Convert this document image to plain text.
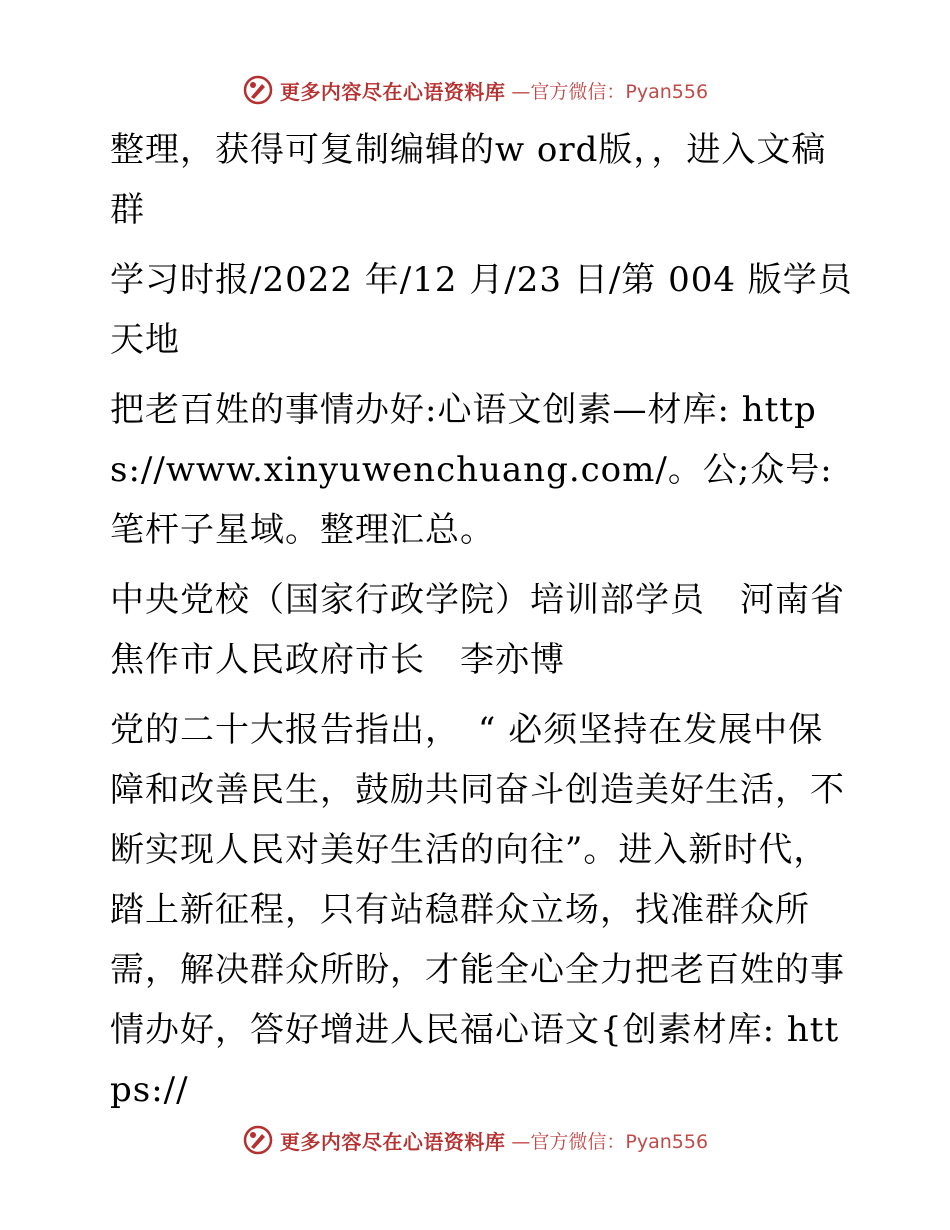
更多内容尽在心语资料库 —官方微信：Pyan556

整理，获得可复制编辑的w ord版，，进入文稿群

学习时报/2022 年/12 月/23 日/第 004 版学员天地

把老百姓的事情办好:心语文创素—材库: https://www.xinyuwenchuang.com/。公;众号: 笔杆子星域。整理汇总。

中央党校（国家行政学院）培训部学员　河南省焦作市人民政府市长　李亦博

党的二十大报告指出，　“ 必须坚持在发展中保障和改善民生，鼓励共同奋斗创造美好生活，不断实现人民对美好生活的向往”。进入新时代，踏上新征程，只有站稳群众立场，找准群众所需，解决群众所盼，才能全心全力把老百姓的事情办好，答好增进人民福心语文{创素材库: https://

更多内容尽在心语资料库 —官方微信：Pyan556
